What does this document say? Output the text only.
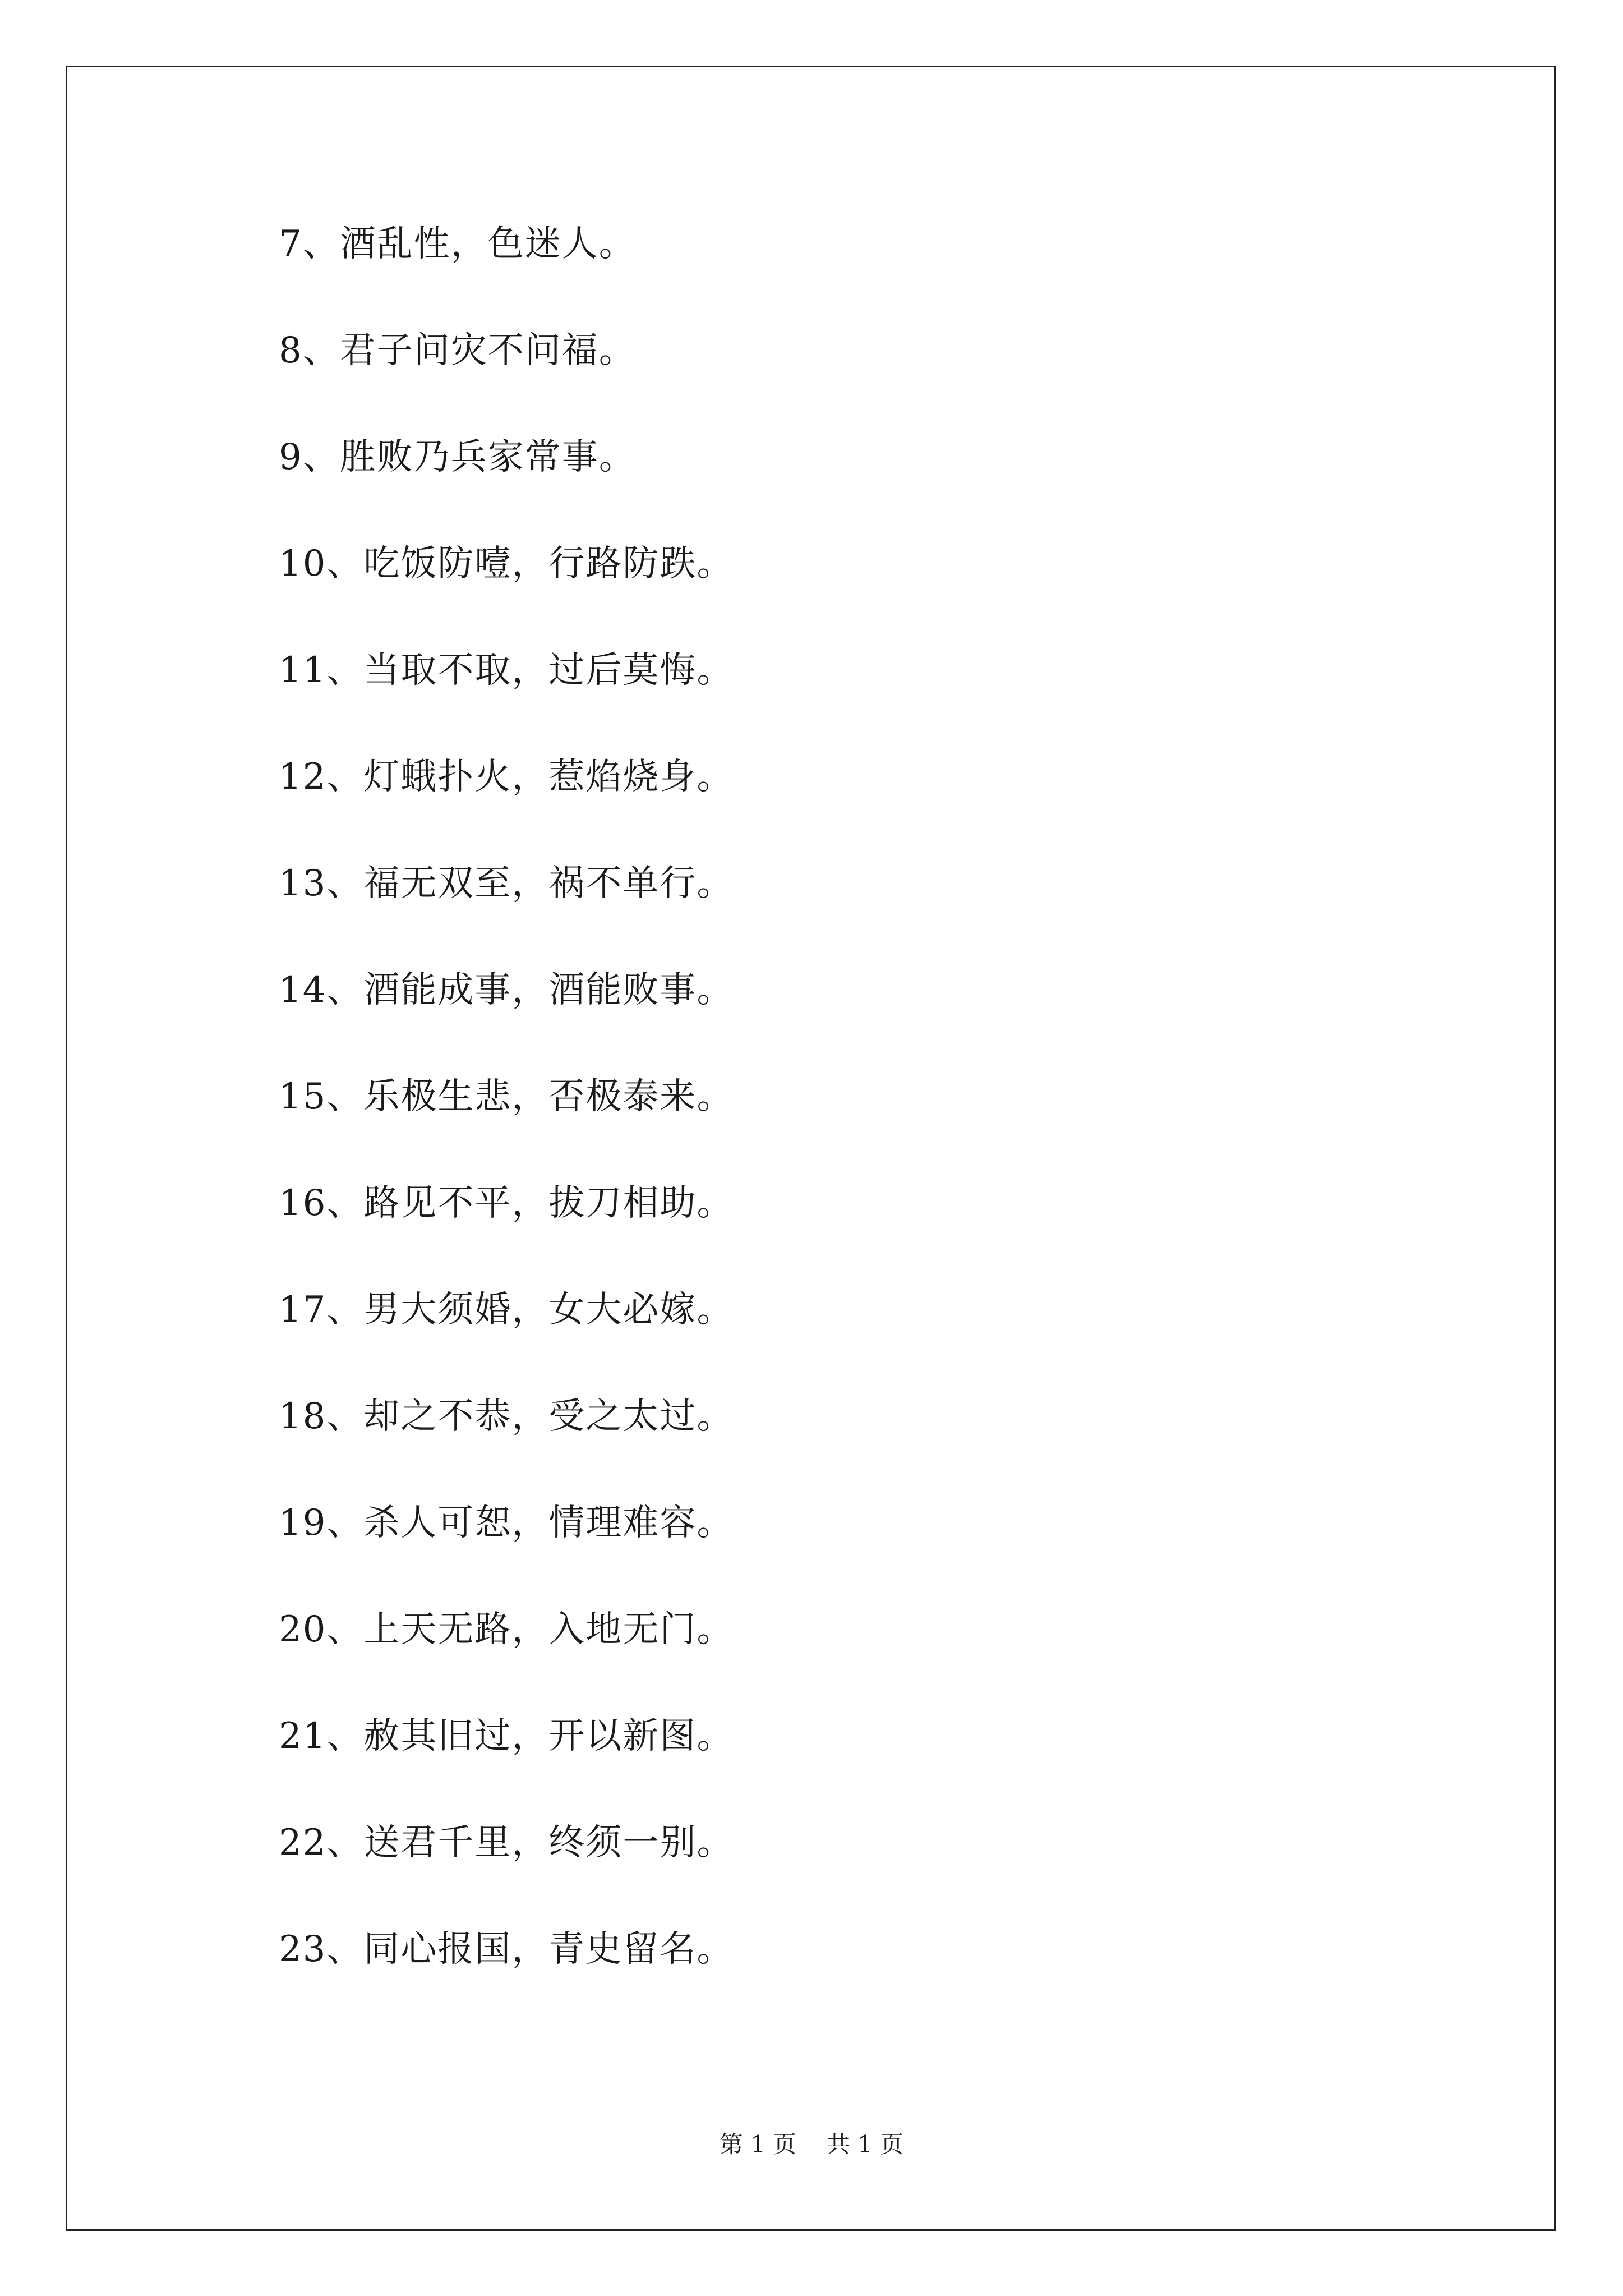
7、酒乱性，色迷人。
8、君子问灾不问福。
9、胜败乃兵家常事。
10、吃饭防噎，行路防跌。
11、当取不取，过后莫悔。
12、灯蛾扑火，惹焰烧身。
13、福无双至，祸不单行。
14、酒能成事，酒能败事。
15、乐极生悲，否极泰来。
16、路见不平，拔刀相助。
17、男大须婚，女大必嫁。
18、却之不恭，受之太过。
19、杀人可恕，情理难容。
20、上天无路，入地无门。
21、赦其旧过，开以新图。
22、送君千里，终须一别。
23、同心报国，青史留名。
第 1 页    共 1 页
